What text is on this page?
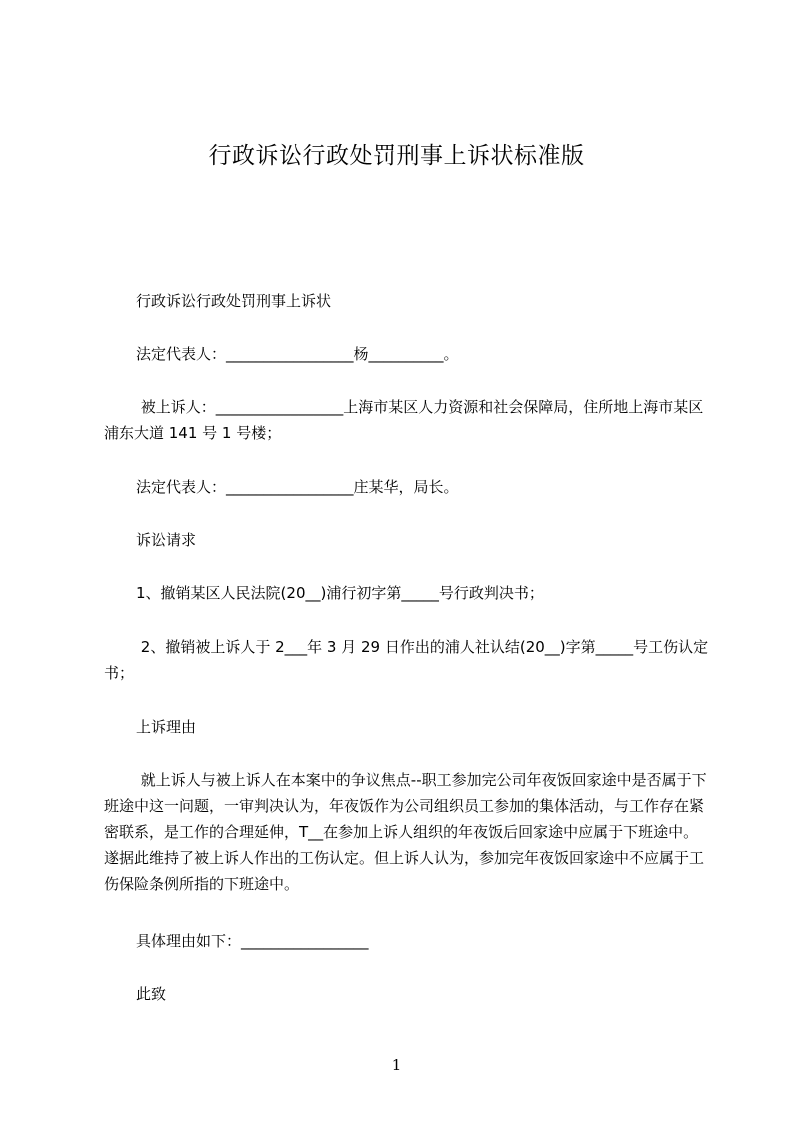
行政诉讼行政处罚刑事上诉状标准版
行政诉讼行政处罚刑事上诉状
法定代表人：_________________杨__________。
被上诉人：_________________上海市某区人力资源和社会保障局，住所地上海市某区浦东大道 141 号 1 号楼；
法定代表人：_________________庄某华，局长。
诉讼请求
1、撤销某区人民法院(20__)浦行初字第_____号行政判决书；
2、撤销被上诉人于 2___年 3 月 29 日作出的浦人社认结(20__)字第_____号工伤认定书；
上诉理由
就上诉人与被上诉人在本案中的争议焦点--职工参加完公司年夜饭回家途中是否属于下班途中这一问题，一审判决认为，年夜饭作为公司组织员工参加的集体活动，与工作存在紧密联系，是工作的合理延伸，T__在参加上诉人组织的年夜饭后回家途中应属于下班途中。遂据此维持了被上诉人作出的工伤认定。但上诉人认为，参加完年夜饭回家途中不应属于工伤保险条例所指的下班途中。
具体理由如下：_________________
此致
1
